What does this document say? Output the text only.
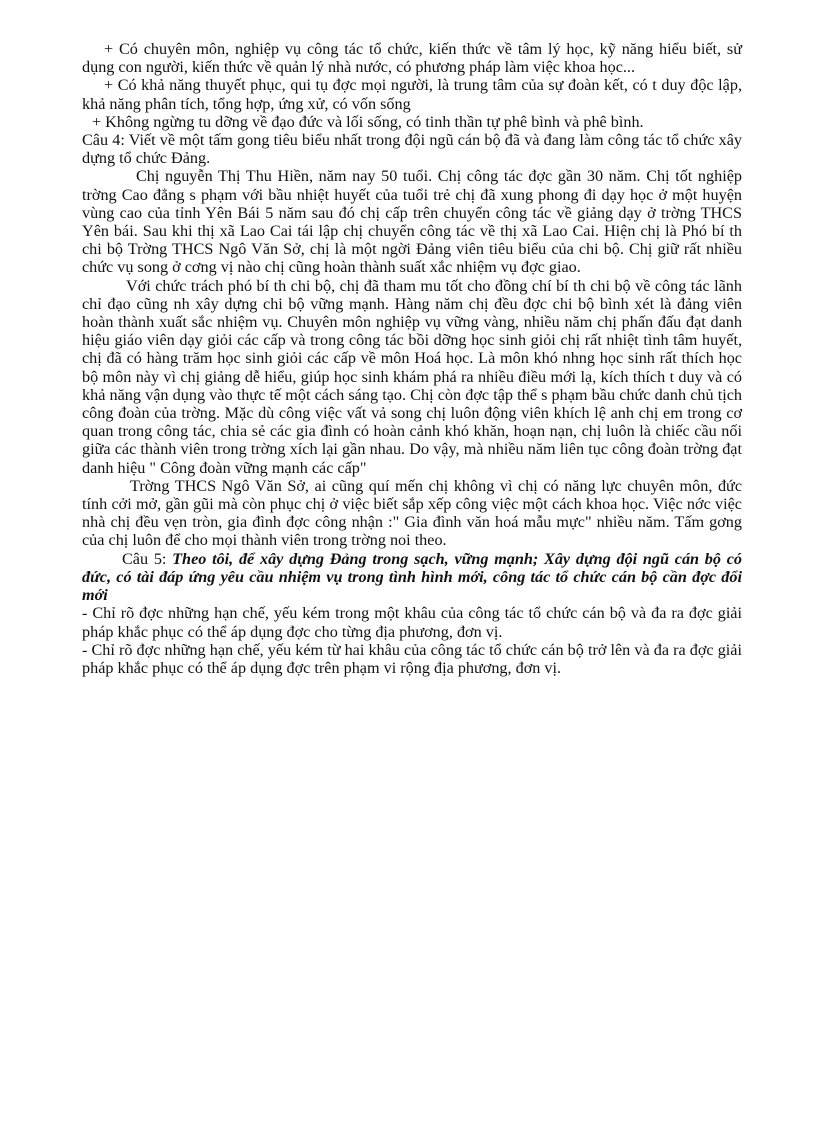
+ Có chuyên môn, nghiệp vụ công tác tổ chức, kiến thức về tâm lý học, kỹ năng hiểu biết, sử dụng con người, kiến thức về quản lý nhà nước, có phương pháp làm việc khoa học...

+ Có khả năng thuyết phục, qui tụ đợc mọi người, là trung tâm của sự đoàn kết, có t duy độc lập, khả năng phân tích, tổng hợp, ứng xử, có vốn sống

+ Không ngừng tu dỡng về đạo đức và lối sống, có tinh thần tự phê bình và phê bình.

Câu 4: Viết về một tấm gong tiêu biểu nhất trong đội ngũ cán bộ đã và đang làm công tác tổ chức xây dựng tổ chức Đảng.

Chị nguyễn Thị Thu Hiền, năm nay 50 tuổi. Chị công tác đợc gần 30 năm. Chị tốt nghiệp trờng Cao đẳng s phạm với bầu nhiệt huyết của tuổi trẻ chị đã xung phong đi dạy học ở một huyện vùng cao của tỉnh Yên Bái 5 năm sau đó chị cấp trên chuyển công tác về giảng dạy ở trờng THCS Yên bái. Sau khi thị xã Lao Cai tái lập chị chuyển công tác về thị xã Lao Cai. Hiện chị là Phó bí th chi bộ Trờng THCS Ngô Văn Sở, chị là một ngời Đảng viên tiêu biểu của chi bộ. Chị giữ rất nhiều chức vụ song ở cơng vị nào chị cũng hoàn thành suất xắc nhiệm vụ đợc giao.

Với chức trách phó bí th chi bộ, chị đã tham mu tốt cho đồng chí bí th chi bộ về công tác lãnh chỉ đạo cũng nh xây dựng chi bộ vững mạnh. Hàng năm chị đều đợc chi bộ bình xét là đảng viên hoàn thành xuất sắc nhiệm vụ. Chuyên môn nghiệp vụ vững vàng, nhiều năm chị phấn đấu đạt danh hiệu giáo viên dạy giỏi các cấp và trong công tác bồi dỡng học sinh giỏi chị rất nhiệt tình tâm huyết, chị đã có hàng trăm học sinh giỏi các cấp về môn Hoá học. Là môn khó nhng học sinh rất thích học bộ môn này vì chị giảng dễ hiểu, giúp học sinh khám phá ra nhiều điều mới lạ, kích thích t duy và có khả năng vận dụng vào thực tế một cách sáng tạo. Chị còn đợc tập thể s phạm bầu chức danh chủ tịch công đoàn của trờng. Mặc dù công việc vất vả song chị luôn động viên khích lệ anh chị em trong cơ quan trong công tác, chia sẻ các gia đình có hoàn cảnh khó khăn, hoạn nạn, chị luôn là chiếc cầu nối giữa các thành viên trong trờng xích lại gần nhau. Do vậy, mà nhiều năm liên tục công đoàn trờng đạt danh hiệu " Công đoàn vững mạnh các cấp"

Trờng THCS Ngô Văn Sở, ai cũng quí mến chị không vì chị có năng lực chuyên môn, đức tính cởi mở, gần gũi mà còn phục chị ở việc biết sắp xếp công việc một cách khoa học. Việc nớc việc nhà chị đều vẹn tròn, gia đình đợc công nhận :" Gia đình văn hoá mẫu mực" nhiều năm. Tấm gơng của chị luôn để cho mọi thành viên trong trờng noi theo.

Câu 5: Theo tôi, để xây dựng Đảng trong sạch, vững mạnh; Xây dựng đội ngũ cán bộ có đức, có tài đáp ứng yêu cầu nhiệm vụ trong tình hình mới, công tác tổ chức cán bộ cần đợc đổi mới

- Chỉ rõ đợc những hạn chế, yếu kém trong một khâu của công tác tổ chức cán bộ và đa ra đợc giải pháp khắc phục có thể áp dụng đợc cho từng địa phương, đơn vị.

- Chỉ rõ đợc những hạn chế, yếu kém từ hai khâu của công tác tổ chức cán bộ trở lên và đa ra đợc giải pháp khắc phục có thể áp dụng đợc trên phạm vi rộng địa phương, đơn vị.
